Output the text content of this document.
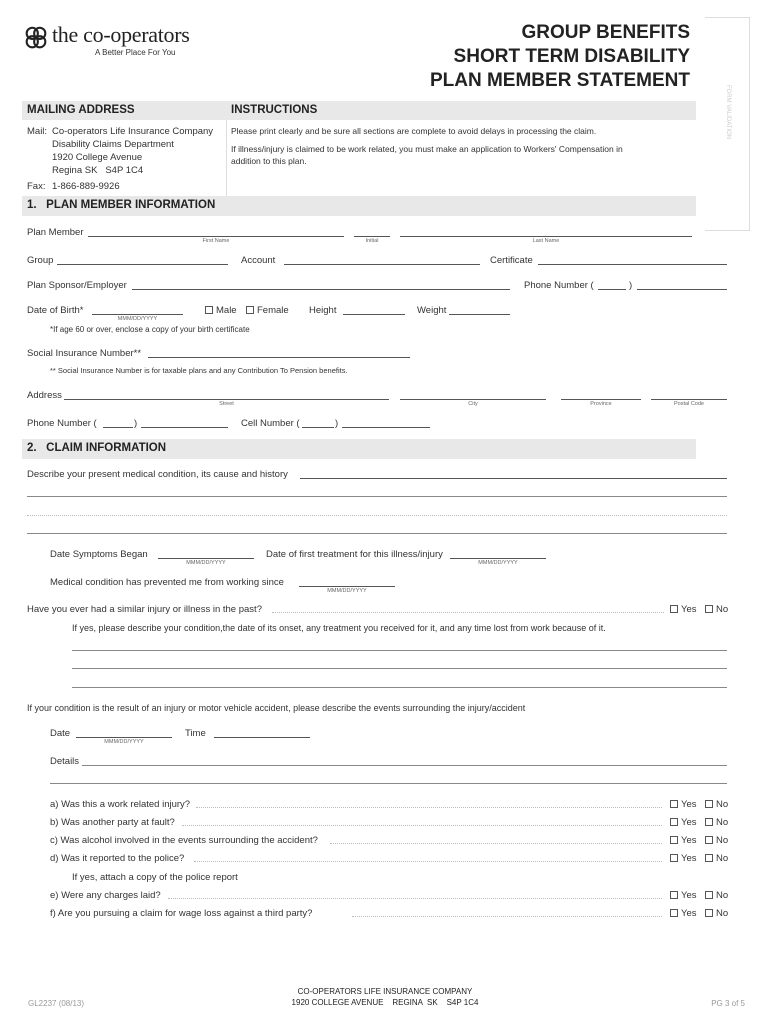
the co-operators
A Better Place For You
GROUP BENEFITS
SHORT TERM DISABILITY
PLAN MEMBER STATEMENT
FORM VALIDATION
MAILING ADDRESS	INSTRUCTIONS
Mail: Co-operators Life Insurance Company
Disability Claims Department
1920 College Avenue
Regina SK   S4P 1C4
Fax: 1-866-889-9926
Please print clearly and be sure all sections are complete to avoid delays in processing the claim.
If illness/injury is claimed to be work related, you must make an application to Workers' Compensation in
addition to this plan.
1.   PLAN MEMBER INFORMATION
Plan Member
First Name	Initial	Last Name
Group	Account	Certificate
Plan Sponsor/Employer	Phone Number (	)
Date of Birth*
MMM/DD/YYYY
Male	Female Height	Weight
*If age 60 or over, enclose a copy of your birth certificate
Social Insurance Number**
** Social Insurance Number is for taxable plans and any Contribution To Pension benefits.
Address
Street	City	Province	Postal Code
Phone Number (	)	Cell Number (	)
2.   CLAIM INFORMATION
Describe your present medical condition, its cause and history
Date Symptoms Began
MMM/DD/YYYY
Date of first treatment for this illness/injury
MMM/DD/YYYY
Medical condition has prevented me from working since
MMM/DD/YYYY
Have you ever had a similar injury or illness in the past?	Yes	No
If yes, please describe your condition,the date of its onset, any treatment you received for it, and any time lost from work because of it.
If your condition is the result of an injury or motor vehicle accident, please describe the events surrounding the injury/accident
Date
MMM/DD/YYYY
Time
Details
a) Was this a work related injury?	Yes	No
b) Was another party at fault?	Yes	No
c) Was alcohol involved in the events surrounding the accident?	Yes	No
d) Was it reported to the police?	Yes	No
If yes, attach a copy of the police report
e) Were any charges laid?	Yes	No
f) Are you pursuing a claim for wage loss against a third party?	Yes	No
CO-OPERATORS LIFE INSURANCE COMPANY
1920 COLLEGE AVENUE    REGINA  SK    S4P 1C4
GL2237 (08/13)	PG 3 of 5
